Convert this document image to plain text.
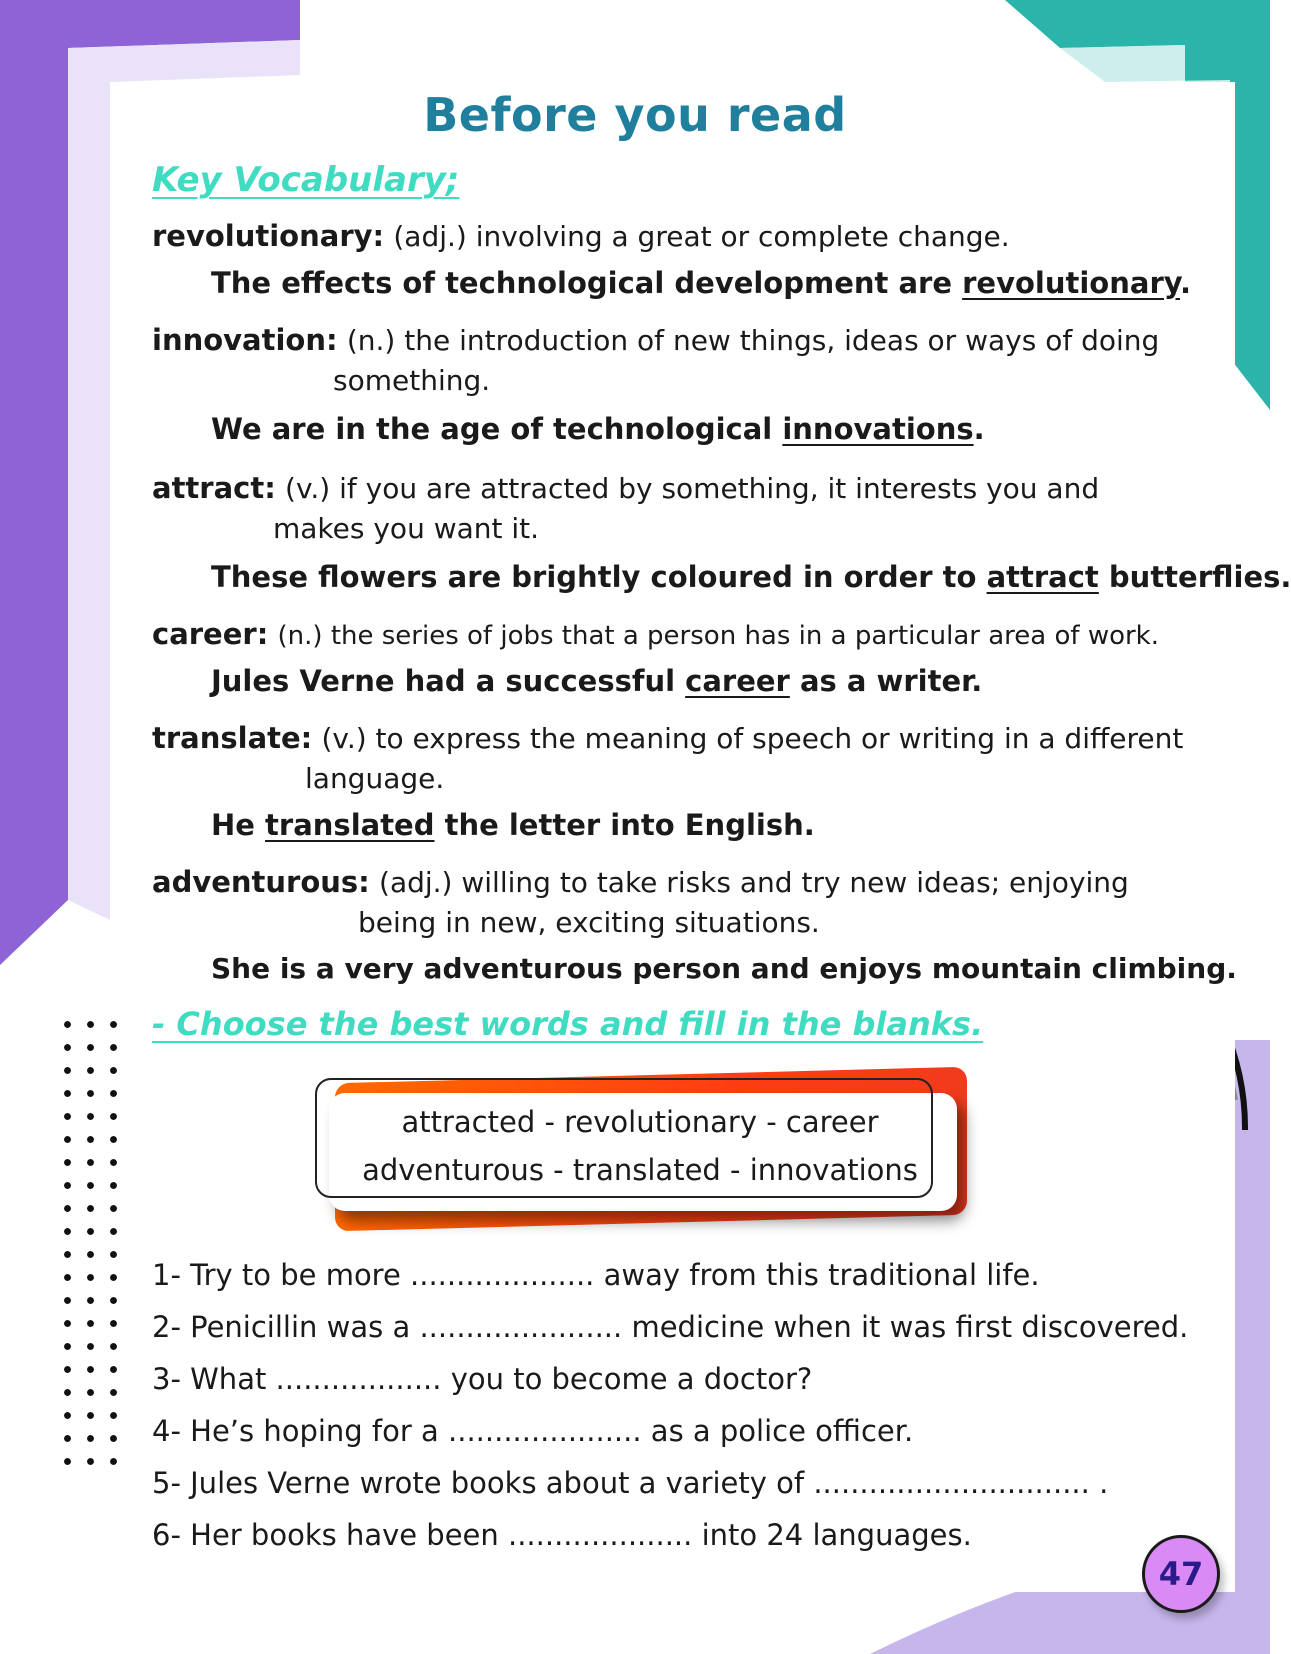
Before you read
Key Vocabulary;
revolutionary: (adj.) involving a great or complete change.
The effects of technological development are revolutionary.
innovation: (n.) the introduction of new things, ideas or ways of doing
something.
We are in the age of technological innovations.
attract: (v.) if you are attracted by something, it interests you and
makes you want it.
These flowers are brightly coloured in order to attract butterflies.
career: (n.) the series of jobs that a person has in a particular area of work.
Jules Verne had a successful career as a writer.
translate: (v.) to express the meaning of speech or writing in a different
language.
He translated the letter into English.
adventurous: (adj.) willing to take risks and try new ideas; enjoying
being in new, exciting situations.
She is a very adventurous person and enjoys mountain climbing.
- Choose the best words and fill in the blanks.
attracted - revolutionary - career
adventurous - translated - innovations
1- Try to be more .................... away from this traditional life.
2- Penicillin was a ...................... medicine when it was first discovered.
3- What .................. you to become a doctor?
4- He’s hoping for a ..................... as a police officer.
5- Jules Verne wrote books about a variety of .............................. .
6- Her books have been .................... into 24 languages.
47
